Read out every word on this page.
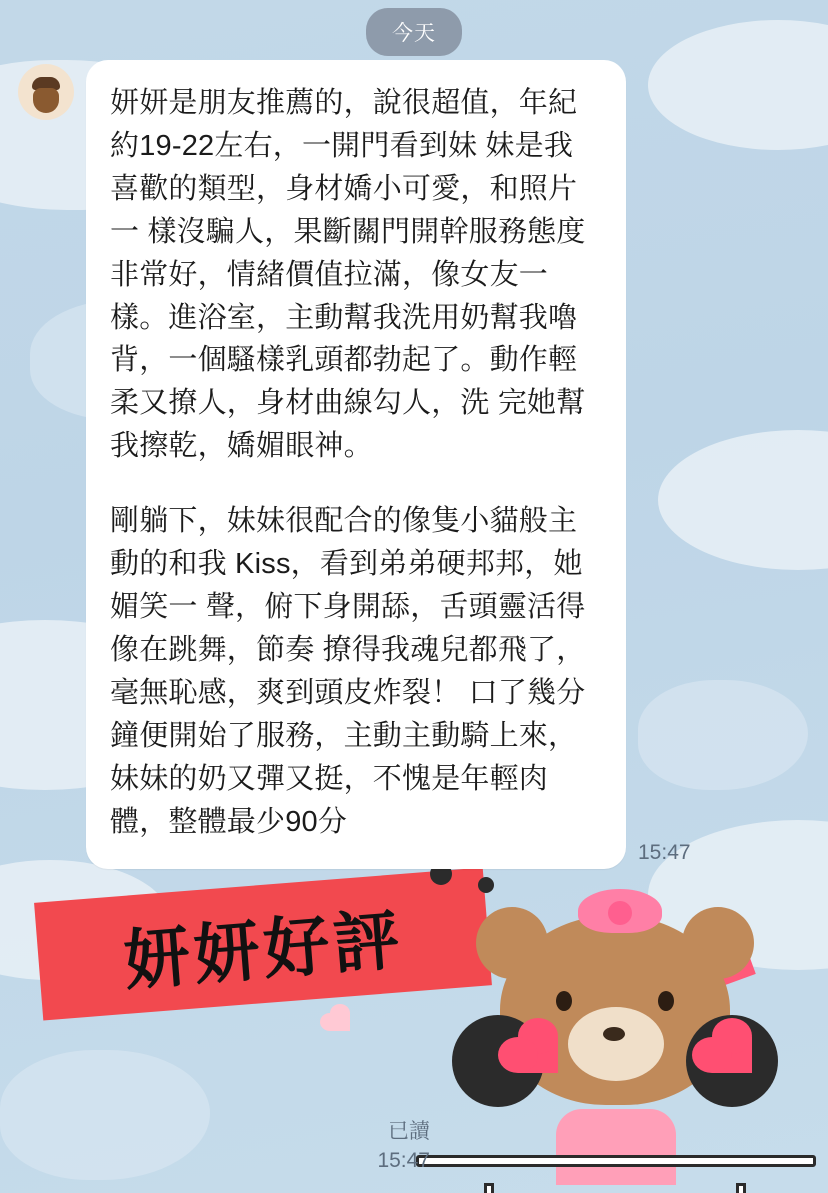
今天
妍妍是朋友推薦的，說很超值，年紀 約19-22左右，一開門看到妹 妹是我喜歡的類型，身材嬌小可愛，和照片一 樣沒騙人，果斷關門開幹服務態度非常好，情緒價值拉滿，像女友一樣。進浴室，主動幫我洗用奶幫我嚕背，一個騷樣乳頭都勃起了。動作輕柔又撩人，身材曲線勾人，洗 完她幫我擦乾，嬌媚眼神。
剛躺下，妹妹很配合的像隻小貓般主動的和我 Kiss，看到弟弟硬邦邦，她媚笑一 聲，俯下身開舔，舌頭靈活得像在跳舞，節奏 撩得我魂兒都飛了，毫無恥感，爽到頭皮炸裂！ 口了幾分鐘便開始了服務，主動主動騎上來，妹妹的奶又彈又挺，不愧是年輕肉體，整體最少90分
15:47
妍妍好評
已讀
15:47
